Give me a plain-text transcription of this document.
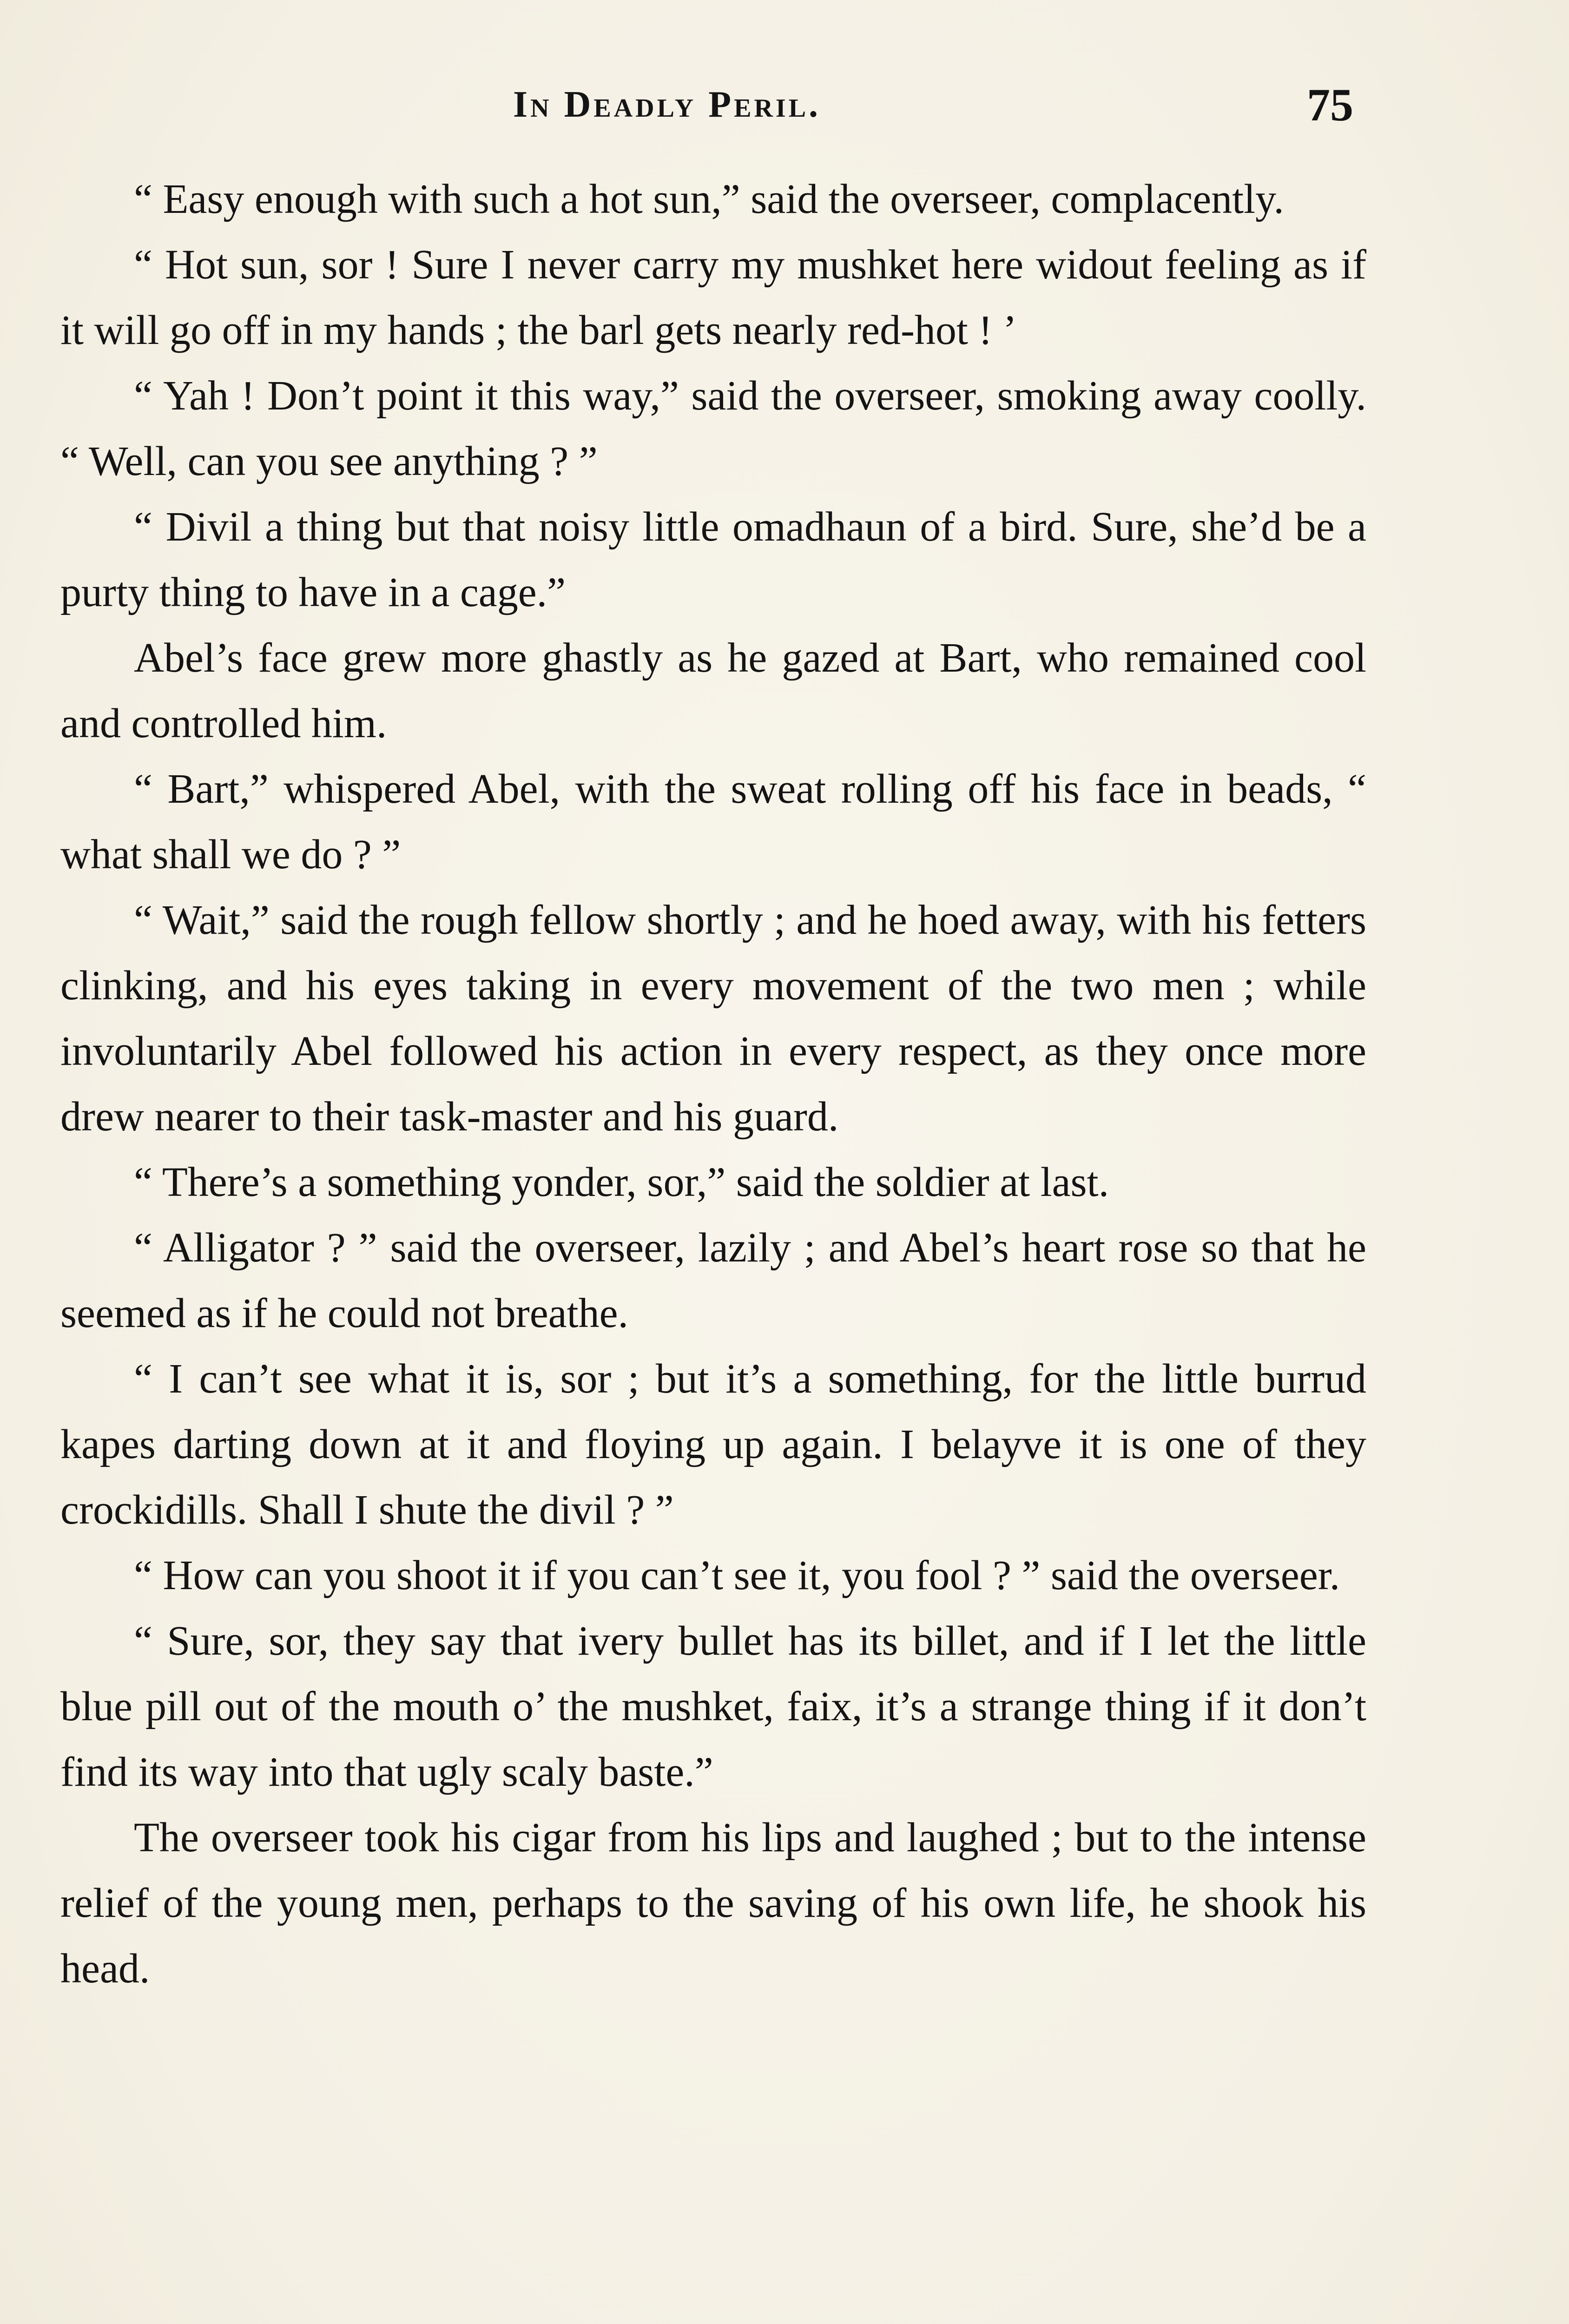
In Deadly Peril.	75

“ Easy enough with such a hot sun,” said the overseer, complacently.

“ Hot sun, sor ! Sure I never carry my mushket here widout feeling as if it will go off in my hands ; the barl gets nearly red-hot ! ’

“ Yah ! Don’t point it this way,” said the overseer, smoking away coolly. “ Well, can you see anything ? ”

“ Divil a thing but that noisy little omadhaun of a bird. Sure, she’d be a purty thing to have in a cage.”

Abel’s face grew more ghastly as he gazed at Bart, who remained cool and controlled him.

“ Bart,” whispered Abel, with the sweat rolling off his face in beads, “ what shall we do ? ”

“ Wait,” said the rough fellow shortly ; and he hoed away, with his fetters clinking, and his eyes taking in every movement of the two men ; while involuntarily Abel followed his action in every respect, as they once more drew nearer to their task-master and his guard.

“ There’s a something yonder, sor,” said the soldier at last.

“ Alligator ? ” said the overseer, lazily ; and Abel’s heart rose so that he seemed as if he could not breathe.

“ I can’t see what it is, sor ; but it’s a something, for the little burrud kapes darting down at it and floying up again. I belayve it is one of they crockidills. Shall I shute the divil ? ”

“ How can you shoot it if you can’t see it, you fool ? ” said the overseer.

“ Sure, sor, they say that ivery bullet has its billet, and if I let the little blue pill out of the mouth o’ the mushket, faix, it’s a strange thing if it don’t find its way into that ugly scaly baste.”

The overseer took his cigar from his lips and laughed ; but to the intense relief of the young men, perhaps to the saving of his own life, he shook his head.
